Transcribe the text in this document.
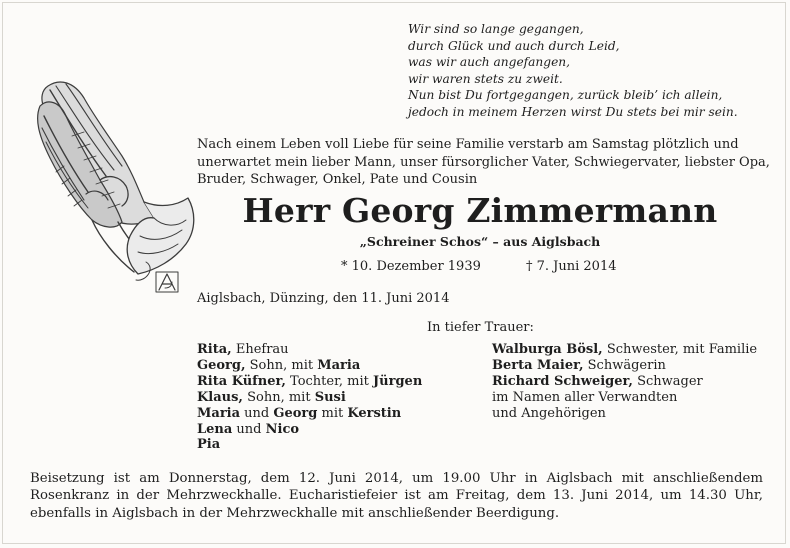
Wir sind so lange gegangen,
durch Glück und auch durch Leid,
was wir auch angefangen,
wir waren stets zu zweit.
Nun bist Du fortgegangen, zurück bleib’ ich allein,
jedoch in meinem Herzen wirst Du stets bei mir sein.
Nach einem Leben voll Liebe für seine Familie verstarb am Samstag plötzlich und
unerwartet mein lieber Mann, unser fürsorglicher Vater, Schwiegervater, liebster Opa,
Bruder, Schwager, Onkel, Pate und Cousin
Herr Georg Zimmermann
„Schreiner Schos“ – aus Aiglsbach
* 10. Dezember 1939	† 7. Juni 2014
Aiglsbach, Dünzing, den 11. Juni 2014
In tiefer Trauer:
Rita, Ehefrau
Georg, Sohn, mit Maria
Rita Küfner, Tochter, mit Jürgen
Klaus, Sohn, mit Susi
Maria und Georg mit Kerstin
Lena und Nico
Pia
Walburga Bösl, Schwester, mit Familie
Berta Maier, Schwägerin
Richard Schweiger, Schwager
im Namen aller Verwandten
und Angehörigen
Beisetzung ist am Donnerstag, dem 12. Juni 2014, um 19.00 Uhr in Aiglsbach mit anschließendem
Rosenkranz in der Mehrzweckhalle. Eucharistiefeier ist am Freitag, dem 13. Juni 2014, um 14.30 Uhr,
ebenfalls in Aiglsbach in der Mehrzweckhalle mit anschließender Beerdigung.
